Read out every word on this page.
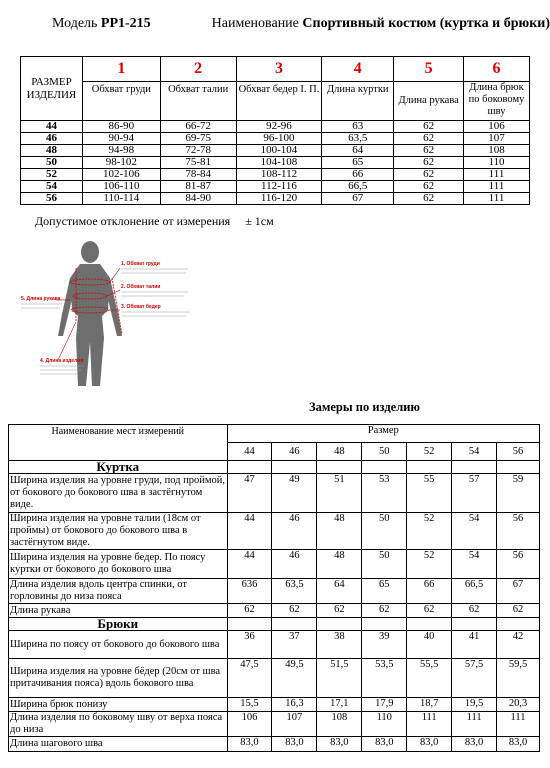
Модель PP1-215	Наименование Спортивный костюм (куртка и брюки)
РАЗМЕР ИЗДЕЛИЯ	1	2	3	4	5	6
	Обхват груди	Обхват талии	Обхват бедер I. П.	Длина куртки	Длина рукава	Длина брюк по боковому шву
44	86-90	66-72	92-96	63	62	106
46	90-94	69-75	96-100	63,5	62	107
48	94-98	72-78	100-104	64	62	108
50	98-102	75-81	104-108	65	62	110
52	102-106	78-84	108-112	66	62	111
54	106-110	81-87	112-116	66,5	62	111
56	110-114	84-90	116-120	67	62	111
Допустимое отклонение от измерения ± 1см
1. Обхват груди
2. Обхват талии
3. Обхват бедер
5. Длина рукава
4. Длина изделия
Замеры по изделию
Наименование мест измерений	Размер						
	44	46	48	50	52	54	56
Куртка							
Ширина изделия на уровне груди, под проймой, от бокового до бокового шва в застёгнутом виде.	47	49	51	53	55	57	59
Ширина изделия на уровне талии (18см от проймы) от бокового до бокового шва в застёгнутом виде.	44	46	48	50	52	54	56
Ширина изделия на уровне бедер. По поясу куртки от бокового до бокового шва	44	46	48	50	52	54	56
Длина изделия вдоль центра спинки, от горловины до низа пояса	636	63,5	64	65	66	66,5	67
Длина рукава	62	62	62	62	62	62	62
Брюки							
Ширина по поясу от бокового до бокового шва	36	37	38	39	40	41	42
Ширина изделия на уровне бёдер (20см от шва притачивания пояса) вдоль бокового шва	47,5	49,5	51,5	53,5	55,5	57,5	59,5
Ширина брюк понизу	15,5	16,3	17,1	17,9	18,7	19,5	20,3
Длина изделия по боковому шву от верха пояса до низа	106	107	108	110	111	111	111
Длина шагового шва	83,0	83,0	83,0	83,0	83,0	83,0	83,0
